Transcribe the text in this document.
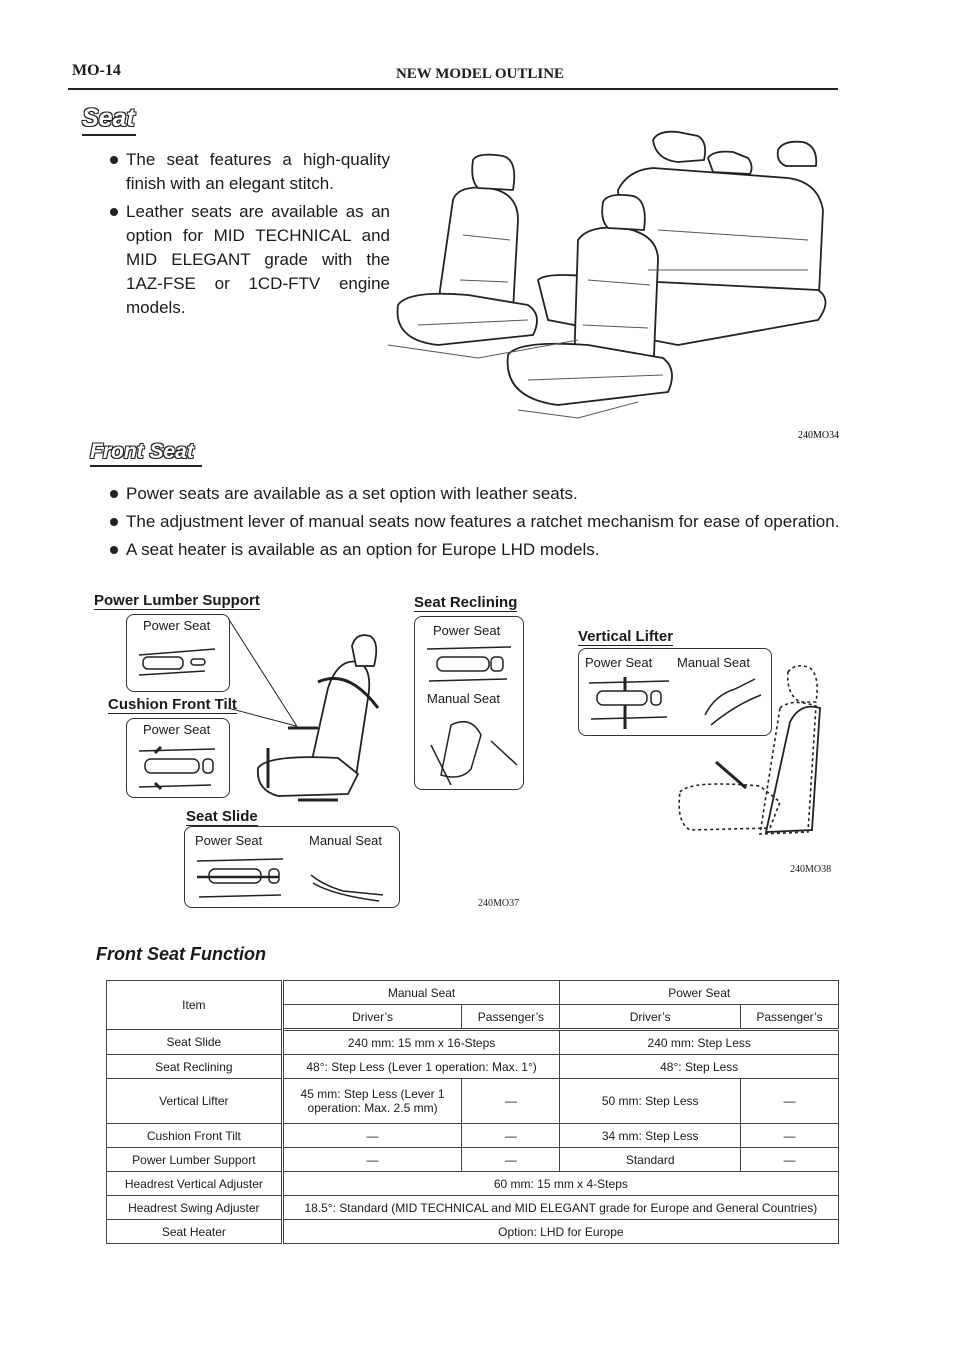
MO-14	NEW MODEL OUTLINE
Seat
The seat features a high-quality finish with an elegant stitch.
Leather seats are available as an option for MID TECHNICAL and MID ELEGANT grade with the 1AZ-FSE or 1CD-FTV engine models.
240MO34
Front Seat
Power seats are available as a set option with leather seats.
The adjustment lever of manual seats now features a ratchet mechanism for ease of operation.
A seat heater is available as an option for Europe LHD models.
Power Lumber Support
Cushion Front Tilt
Seat Slide
Seat Reclining
Vertical Lifter
Power Seat
Power Seat
Power Seat	Manual Seat
Power Seat
Manual Seat
Power Seat Manual Seat
240MO37
240MO38
Front Seat Function
Item	Manual Seat		Power Seat	
	Driver’s	Passenger’s	Driver’s	Passenger’s
Seat Slide	240 mm: 15 mm x 16-Steps		240 mm: Step Less	
Seat Reclining	48°: Step Less (Lever 1 operation: Max. 1°)		48°: Step Less	
Vertical Lifter	45 mm: Step Less (Lever 1 operation: Max. 2.5 mm)	—	50 mm: Step Less	—
Cushion Front Tilt	—	—	34 mm: Step Less	—
Power Lumber Support	—	—	Standard	—
Headrest Vertical Adjuster	60 mm: 15 mm x 4-Steps			
Headrest Swing Adjuster	18.5°: Standard (MID TECHNICAL and MID ELEGANT grade for Europe and General Countries)			
Seat Heater	Option: LHD for Europe			
